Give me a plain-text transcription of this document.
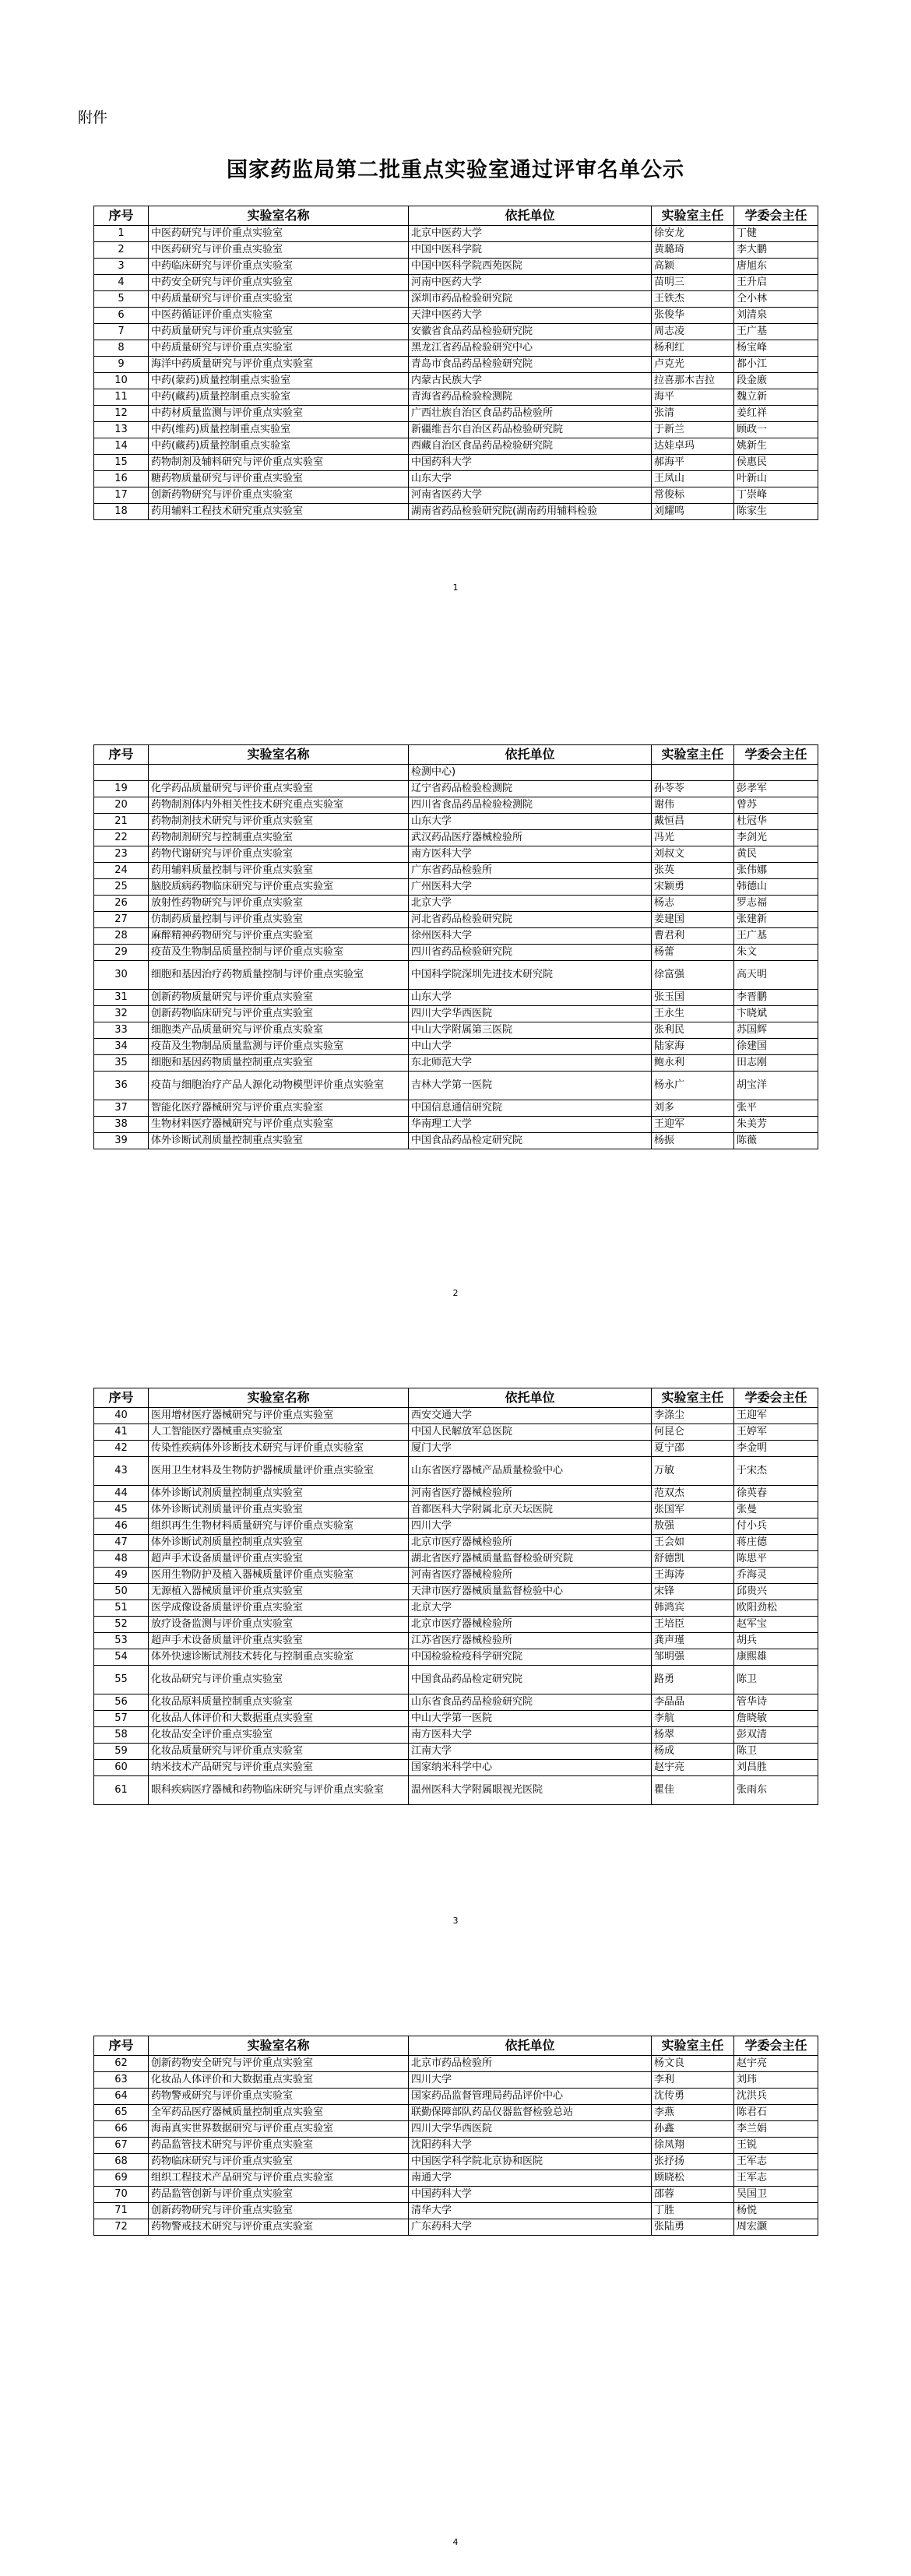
附件
国家药监局第二批重点实验室通过评审名单公示
序号	实验室名称	依托单位	实验室主任	学委会主任
1	中医药研究与评价重点实验室	北京中医药大学	徐安龙	丁健
2	中医药研究与评价重点实验室	中国中医科学院	黄璐琦	李大鹏
3	中药临床研究与评价重点实验室	中国中医科学院西苑医院	高颖	唐旭东
4	中药安全研究与评价重点实验室	河南中医药大学	苗明三	王升启
5	中药质量研究与评价重点实验室	深圳市药品检验研究院	王铁杰	仝小林
6	中医药循证评价重点实验室	天津中医药大学	张俊华	刘清泉
7	中药质量研究与评价重点实验室	安徽省食品药品检验研究院	周志凌	王广基
8	中药质量研究与评价重点实验室	黑龙江省药品检验研究中心	杨利红	杨宝峰
9	海洋中药质量研究与评价重点实验室	青岛市食品药品检验研究院	卢克光	都小江
10	中药(蒙药)质量控制重点实验室	内蒙古民族大学	拉喜那木吉拉	段金廒
11	中药(藏药)质量控制重点实验室	青海省药品检验检测院	海平	魏立新
12	中药材质量监测与评价重点实验室	广西壮族自治区食品药品检验所	张清	姜红祥
13	中药(维药)质量控制重点实验室	新疆维吾尔自治区药品检验研究院	于新兰	顾政一
14	中药(藏药)质量控制重点实验室	西藏自治区食品药品检验研究院	达娃卓玛	姚新生
15	药物制剂及辅料研究与评价重点实验室	中国药科大学	郝海平	侯惠民
16	糖药物质量研究与评价重点实验室	山东大学	王凤山	叶新山
17	创新药物研究与评价重点实验室	河南省医药大学	常俊标	丁崇峰
18	药用辅料工程技术研究重点实验室	湖南省药品检验研究院(湖南药用辅料检验	刘耀鸣	陈家生
1
序号	实验室名称	依托单位	实验室主任	学委会主任
		检测中心)		
19	化学药品质量研究与评价重点实验室	辽宁省药品检验检测院	孙苓苓	彭孝军
20	药物制剂体内外相关性技术研究重点实验室	四川省食品药品检验检测院	谢伟	曾苏
21	药物制剂技术研究与评价重点实验室	山东大学	戴恒昌	杜冠华
22	药物制剂研究与控制重点实验室	武汉药品医疗器械检验所	冯光	李剑光
23	药物代谢研究与评价重点实验室	南方医科大学	刘叔文	黄民
24	药用辅料质量控制与评价重点实验室	广东省药品检验所	张英	张伟娜
25	脑胶质病药物临床研究与评价重点实验室	广州医科大学	宋颖勇	韩德山
26	放射性药物研究与评价重点实验室	北京大学	杨志	罗志福
27	仿制药质量控制与评价重点实验室	河北省药品检验研究院	姜建国	张建新
28	麻醉精神药物研究与评价重点实验室	徐州医科大学	曹君利	王广基
29	疫苗及生物制品质量控制与评价重点实验室	四川省药品检验研究院	杨蕾	朱文
30	细胞和基因治疗药物质量控制与评价重点实验室	中国科学院深圳先进技术研究院	徐富强	高天明
31	创新药物质量研究与评价重点实验室	山东大学	张玉国	李晋鹏
32	创新药物临床研究与评价重点实验室	四川大学华西医院	王永生	卞晓斌
33	细胞类产品质量研究与评价重点实验室	中山大学附属第三医院	张利民	苏国辉
34	疫苗及生物制品质量监测与评价重点实验室	中山大学	陆家海	徐建国
35	细胞和基因药物质量控制重点实验室	东北师范大学	鲍永利	田志刚
36	疫苗与细胞治疗产品人源化动物模型评价重点实验室	吉林大学第一医院	杨永广	胡宝洋
37	智能化医疗器械研究与评价重点实验室	中国信息通信研究院	刘多	张平
38	生物材料医疗器械研究与评价重点实验室	华南理工大学	王迎军	朱美芳
39	体外诊断试剂质量控制重点实验室	中国食品药品检定研究院	杨振	陈薇
2
序号	实验室名称	依托单位	实验室主任	学委会主任
40	医用增材医疗器械研究与评价重点实验室	西安交通大学	李涤尘	王迎军
41	人工智能医疗器械重点实验室	中国人民解放军总医院	何昆仑	王婷军
42	传染性疾病体外诊断技术研究与评价重点实验室	厦门大学	夏宁邵	李金明
43	医用卫生材料及生物防护器械质量评价重点实验室	山东省医疗器械产品质量检验中心	万敏	于宋杰
44	体外诊断试剂质量控制重点实验室	河南省医疗器械检验所	范双杰	徐英春
45	体外诊断试剂质量评价重点实验室	首都医科大学附属北京天坛医院	张国军	张曼
46	组织再生生物材料质量研究与评价重点实验室	四川大学	敖强	付小兵
47	体外诊断试剂质量控制重点实验室	北京市医疗器械检验所	王会如	蒋庄德
48	超声手术设备质量评价重点实验室	湖北省医疗器械质量监督检验研究院	舒德凯	陈思平
49	医用生物防护及植入器械质量评价重点实验室	河南省医疗器械检验所	王海涛	乔海灵
50	无源植入器械质量评价重点实验室	天津市医疗器械质量监督检验中心	宋锋	邱贵兴
51	医学成像设备质量评价重点实验室	北京大学	韩鸿宾	欧阳劲松
52	放疗设备监测与评价重点实验室	北京市医疗器械检验所	王培臣	赵军宝
53	超声手术设备质量评价重点实验室	江苏省医疗器械检验所	龚声瑾	胡兵
54	体外快速诊断试剂技术转化与控制重点实验室	中国检验检疫科学研究院	邹明强	康熙雄
55	化妆品研究与评价重点实验室	中国食品药品检定研究院	路勇	陈卫
56	化妆品原料质量控制重点实验室	山东省食品药品检验研究院	李晶晶	管华诗
57	化妆品人体评价和大数据重点实验室	中山大学第一医院	李航	詹晓敏
58	化妆品安全评价重点实验室	南方医科大学	杨翠	彭双清
59	化妆品质量研究与评价重点实验室	江南大学	杨成	陈卫
60	纳米技术产品研究与评价重点实验室	国家纳米科学中心	赵宇亮	刘昌胜
61	眼科疾病医疗器械和药物临床研究与评价重点实验室	温州医科大学附属眼视光医院	瞿佳	张雨东
3
序号	实验室名称	依托单位	实验室主任	学委会主任
62	创新药物安全研究与评价重点实验室	北京市药品检验所	杨文良	赵宇亮
63	化妆品人体评价和大数据重点实验室	四川大学	李利	刘玮
64	药物警戒研究与评价重点实验室	国家药品监督管理局药品评价中心	沈传勇	沈洪兵
65	全军药品医疗器械质量控制重点实验室	联勤保障部队药品仪器监督检验总站	李燕	陈君石
66	海南真实世界数据研究与评价重点实验室	四川大学华西医院	孙鑫	李兰娟
67	药品监管技术研究与评价重点实验室	沈阳药科大学	徐凤翔	王锐
68	药物临床研究与评价重点实验室	中国医学科学院北京协和医院	张抒扬	王军志
69	组织工程技术产品研究与评价重点实验室	南通大学	顾晓松	王军志
70	药品监管创新与评价重点实验室	中国药科大学	邵蓉	吴国卫
71	创新药物研究与评价重点实验室	清华大学	丁胜	杨悦
72	药物警戒技术研究与评价重点实验室	广东药科大学	张陆勇	周宏灏
4
